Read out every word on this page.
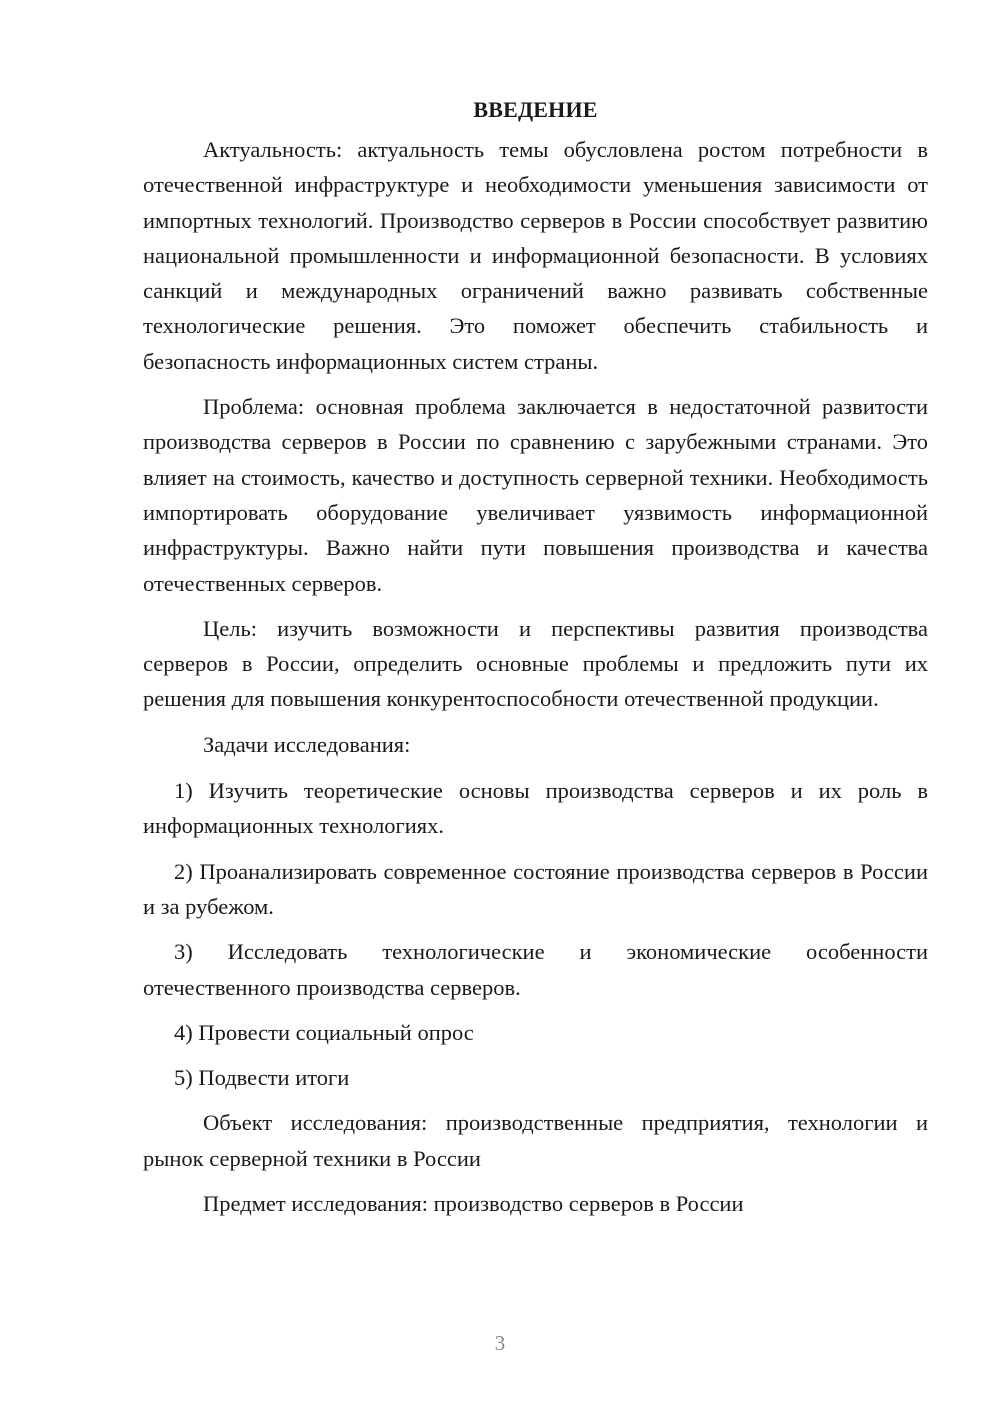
ВВЕДЕНИЕ

Актуальность: актуальность темы обусловлена ростом потребности в отечественной инфраструктуре и необходимости уменьшения зависимости от импортных технологий. Производство серверов в России способствует развитию национальной промышленности и информационной безопасности. В условиях санкций и международных ограничений важно развивать собственные технологические решения. Это поможет обеспечить стабильность и безопасность информационных систем страны.

Проблема: основная проблема заключается в недостаточной развитости производства серверов в России по сравнению с зарубежными странами. Это влияет на стоимость, качество и доступность серверной техники. Необходимость импортировать оборудование увеличивает уязвимость информационной инфраструктуры. Важно найти пути повышения производства и качества отечественных серверов.

Цель: изучить возможности и перспективы развития производства серверов в России, определить основные проблемы и предложить пути их решения для повышения конкурентоспособности отечественной продукции.

Задачи исследования:

1) Изучить теоретические основы производства серверов и их роль в информационных технологиях.

2) Проанализировать современное состояние производства серверов в России и за рубежом.

3) Исследовать технологические и экономические особенности отечественного производства серверов.

4) Провести социальный опрос

5) Подвести итоги

Объект исследования: производственные предприятия, технологии и рынок серверной техники в России

Предмет исследования: производство серверов в России

3
